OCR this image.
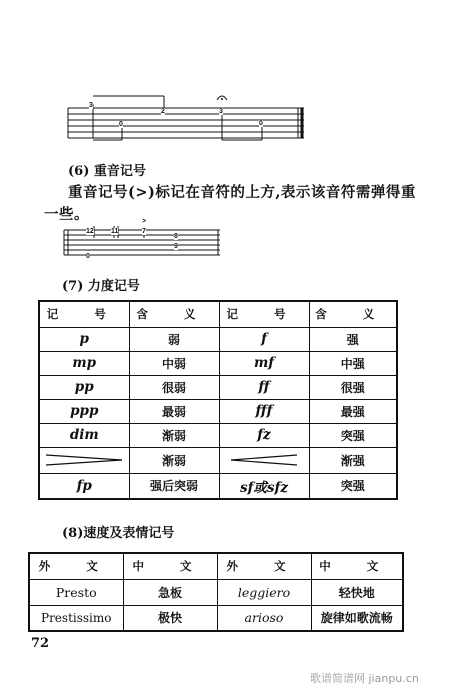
3
2
0
3
0
(6) 重音记号
重音记号(>)标记在音符的上方,表示该音符需弹得重
一些。
12 11
>
7
8
9
0
(7) 力度记号
记 号	含 义	记 号	含 义
p	弱	f	强
mp	中弱	mf	中强
pp	很弱	ff	很强
ppp	最弱	fff	最强
dim	渐弱	fz	突强

	渐弱		渐强
fp	强后突弱	sf或sfz	突强
(8)速度及表情记号
外 文	中 文	外 文	中 文
Presto	急板	leggiero	轻快地
Prestissimo	极快	arioso	旋律如歌流畅
72
歌谱简谱网 jianpu.cn
